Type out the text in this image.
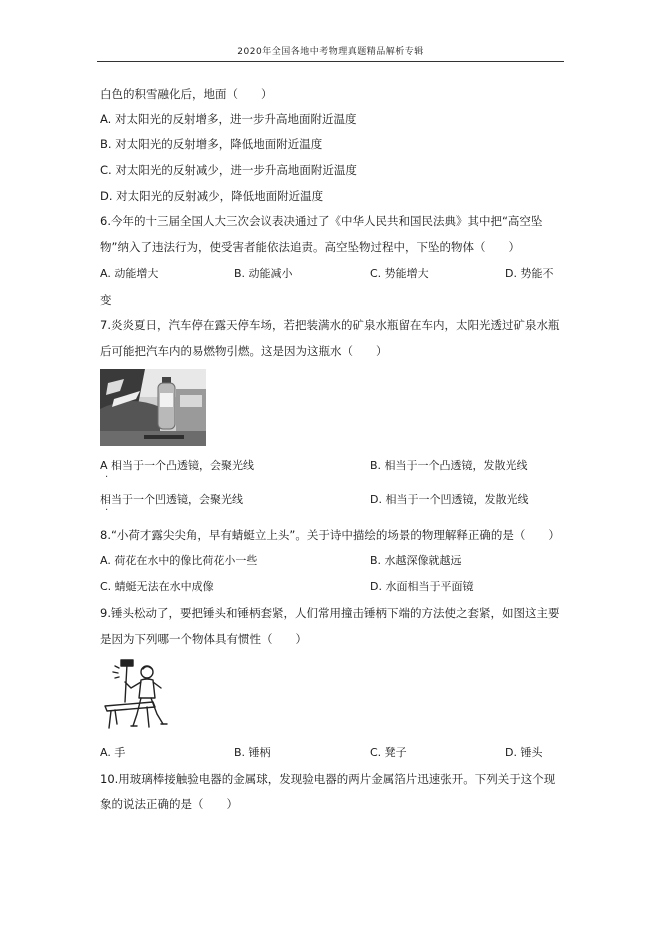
2020年全国各地中考物理真题精品解析专辑
白色的积雪融化后，地面（　　）
A. 对太阳光的反射增多，进一步升高地面附近温度
B. 对太阳光的反射增多，降低地面附近温度
C. 对太阳光的反射减少，进一步升高地面附近温度
D. 对太阳光的反射减少，降低地面附近温度
6.今年的十三届全国人大三次会议表决通过了《中华人民共和国民法典》其中把“高空坠
物”纳入了违法行为，使受害者能依法追责。高空坠物过程中，下坠的物体（　　）
A. 动能增大	B. 动能减小	C. 势能增大	D. 势能不
变
7.炎炎夏日，汽车停在露天停车场，若把装满水的矿泉水瓶留在车内，太阳光透过矿泉水瓶
后可能把汽车内的易燃物引燃。这是因为这瓶水（　　）
A 相当于一个凸透镜，会聚光线	B. 相当于一个凸透镜，发散光线
·
相当于一个凹透镜，会聚光线	D. 相当于一个凹透镜，发散光线
·
8.“小荷才露尖尖角，早有蜻蜓立上头”。关于诗中描绘的场景的物理解释正确的是（　　）
A. 荷花在水中的像比荷花小一些	B. 水越深像就越远
C. 蜻蜓无法在水中成像	D. 水面相当于平面镜
9.锤头松动了，要把锤头和锤柄套紧，人们常用撞击锤柄下端的方法使之套紧，如图这主要
是因为下列哪一个物体具有惯性（　　）
A. 手	B. 锤柄	C. 凳子	D. 锤头
10.用玻璃棒接触验电器的金属球，发现验电器的两片金属箔片迅速张开。下列关于这个现
象的说法正确的是（　　）
